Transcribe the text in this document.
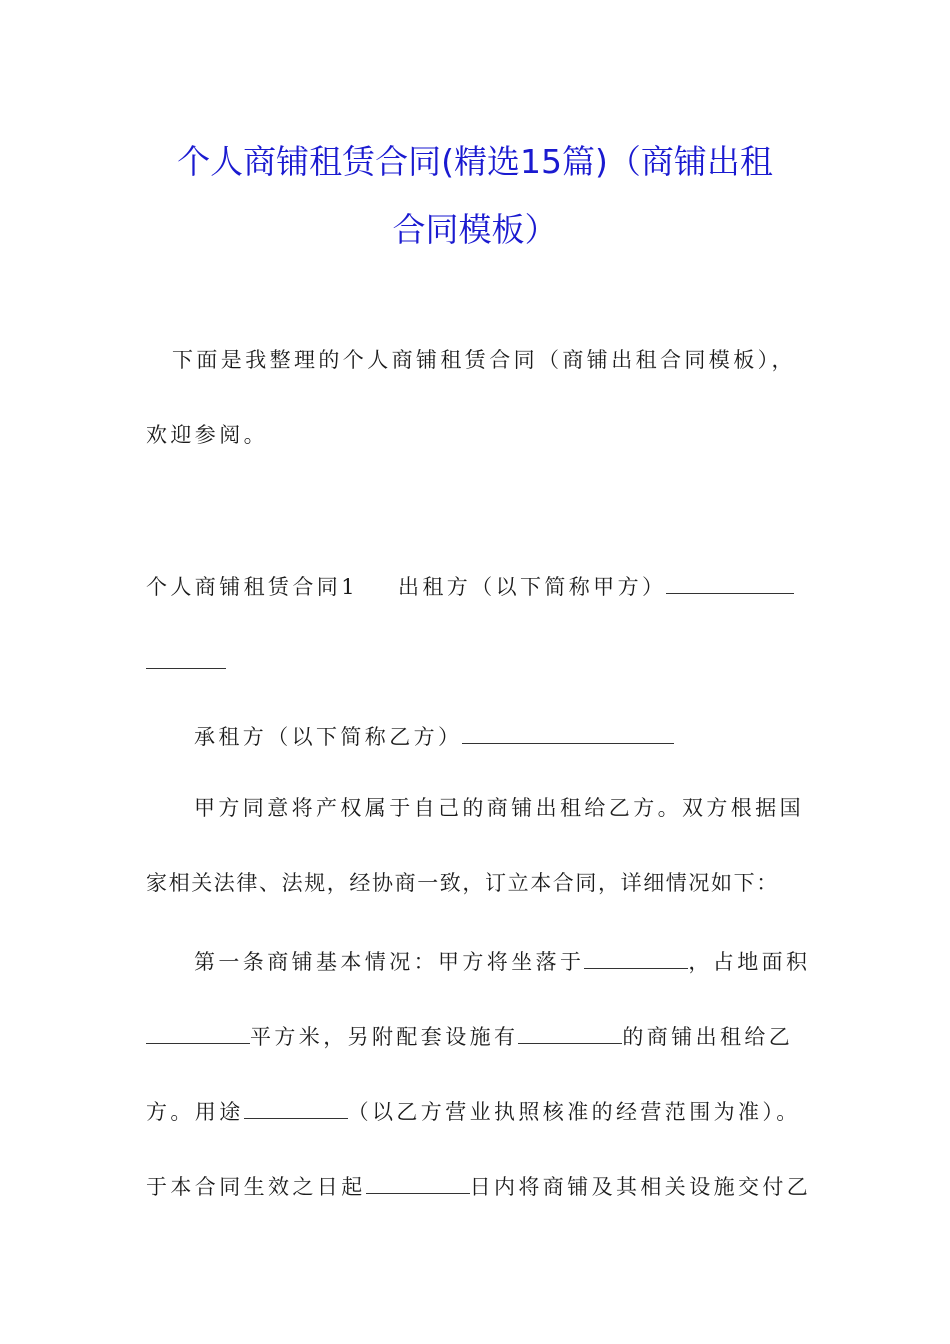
个人商铺租赁合同(精选15篇)（商铺出租
合同模板）
下面是我整理的个人商铺租赁合同（商铺出租合同模板），
欢迎参阅。
个人商铺租赁合同1 出租方（以下简称甲方）
承租方（以下简称乙方）
甲方同意将产权属于自己的商铺出租给乙方。双方根据国
家相关法律、法规，经协商一致，订立本合同，详细情况如下：
第一条商铺基本情况：甲方将坐落于	，占地面积
平方米，另附配套设施有	的商铺出租给乙
方。用途	（以乙方营业执照核准的经营范围为准）。
于本合同生效之日起	日内将商铺及其相关设施交付乙
